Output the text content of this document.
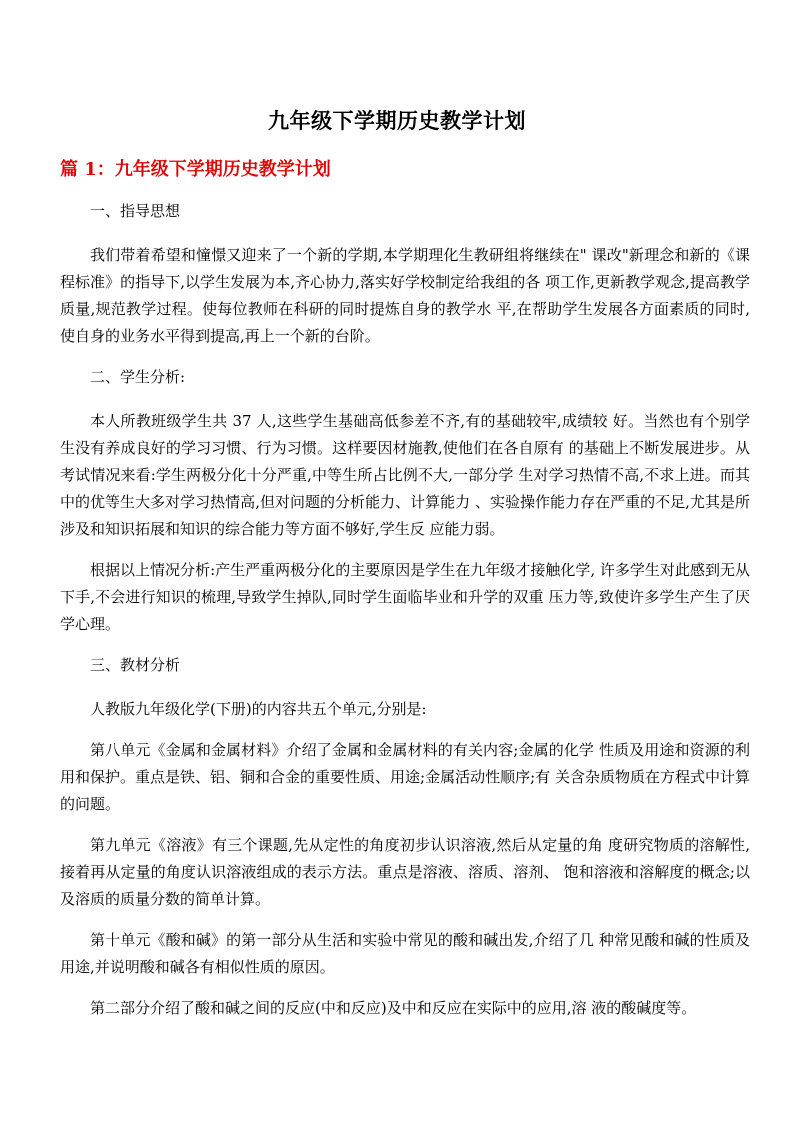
九年级下学期历史教学计划
篇 1：九年级下学期历史教学计划

一、指导思想

我们带着希望和憧憬又迎来了一个新的学期,本学期理化生教研组将继续在" 课改"新理念和新的《课程标准》的指导下,以学生发展为本,齐心协力,落实好学校制定给我组的各 项工作,更新教学观念,提高教学质量,规范教学过程。使每位教师在科研的同时提炼自身的教学水 平,在帮助学生发展各方面素质的同时,使自身的业务水平得到提高,再上一个新的台阶。

二、学生分析:

本人所教班级学生共 37 人,这些学生基础高低参差不齐,有的基础较牢,成绩较 好。当然也有个别学生没有养成良好的学习习惯、行为习惯。这样要因材施教,使他们在各自原有 的基础上不断发展进步。从考试情况来看:学生两极分化十分严重,中等生所占比例不大,一部分学 生对学习热情不高,不求上进。而其中的优等生大多对学习热情高,但对问题的分析能力、计算能力 、实验操作能力存在严重的不足,尤其是所涉及和知识拓展和知识的综合能力等方面不够好,学生反 应能力弱。

根据以上情况分析:产生严重两极分化的主要原因是学生在九年级才接触化学, 许多学生对此感到无从下手,不会进行知识的梳理,导致学生掉队,同时学生面临毕业和升学的双重 压力等,致使许多学生产生了厌学心理。

三、教材分析

人教版九年级化学(下册)的内容共五个单元,分别是:

第八单元《金属和金属材料》介绍了金属和金属材料的有关内容;金属的化学 性质及用途和资源的利用和保护。重点是铁、铝、铜和合金的重要性质、用途;金属活动性顺序;有 关含杂质物质在方程式中计算的问题。

第九单元《溶液》有三个课题,先从定性的角度初步认识溶液,然后从定量的角 度研究物质的溶解性,接着再从定量的角度认识溶液组成的表示方法。重点是溶液、溶质、溶剂、 饱和溶液和溶解度的概念;以及溶质的质量分数的简单计算。

第十单元《酸和碱》的第一部分从生活和实验中常见的酸和碱出发,介绍了几 种常见酸和碱的性质及用途,并说明酸和碱各有相似性质的原因。

第二部分介绍了酸和碱之间的反应(中和反应)及中和反应在实际中的应用,溶 液的酸碱度等。
